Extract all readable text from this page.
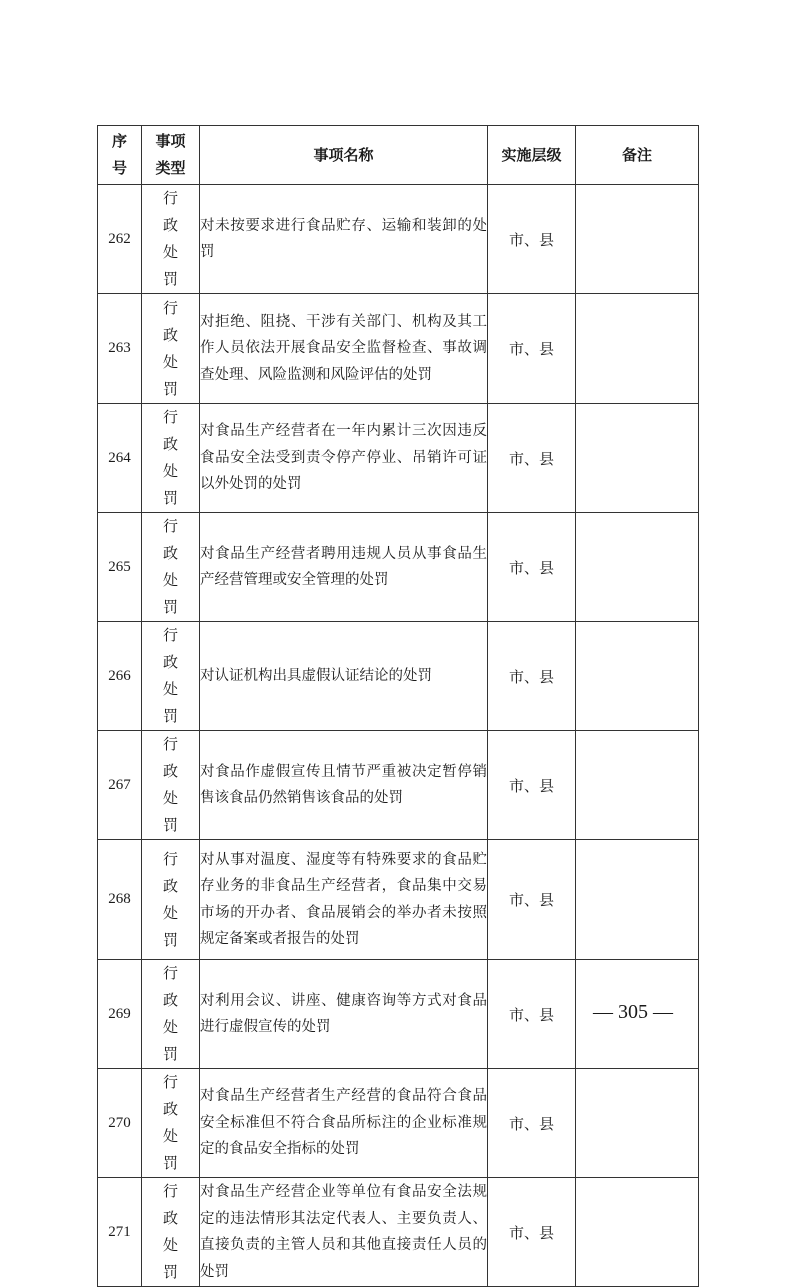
序号	事项类型	事项名称	实施层级	备注
262	行政处罚	对未按要求进行食品贮存、运输和装卸的处罚	市、县	
263	行政处罚	对拒绝、阻挠、干涉有关部门、机构及其工作人员依法开展食品安全监督检查、事故调查处理、风险监测和风险评估的处罚	市、县	
264	行政处罚	对食品生产经营者在一年内累计三次因违反食品安全法受到责令停产停业、吊销许可证以外处罚的处罚	市、县	
265	行政处罚	对食品生产经营者聘用违规人员从事食品生产经营管理或安全管理的处罚	市、县	
266	行政处罚	对认证机构出具虚假认证结论的处罚	市、县	
267	行政处罚	对食品作虚假宣传且情节严重被决定暂停销售该食品仍然销售该食品的处罚	市、县	
268	行政处罚	对从事对温度、湿度等有特殊要求的食品贮存业务的非食品生产经营者，食品集中交易市场的开办者、食品展销会的举办者未按照规定备案或者报告的处罚	市、县	
269	行政处罚	对利用会议、讲座、健康咨询等方式对食品进行虚假宣传的处罚	市、县	
270	行政处罚	对食品生产经营者生产经营的食品符合食品安全标准但不符合食品所标注的企业标准规定的食品安全指标的处罚	市、县	
271	行政处罚	对食品生产经营企业等单位有食品安全法规定的违法情形其法定代表人、主要负责人、直接负责的主管人员和其他直接责任人员的处罚	市、县	
— 305 —
